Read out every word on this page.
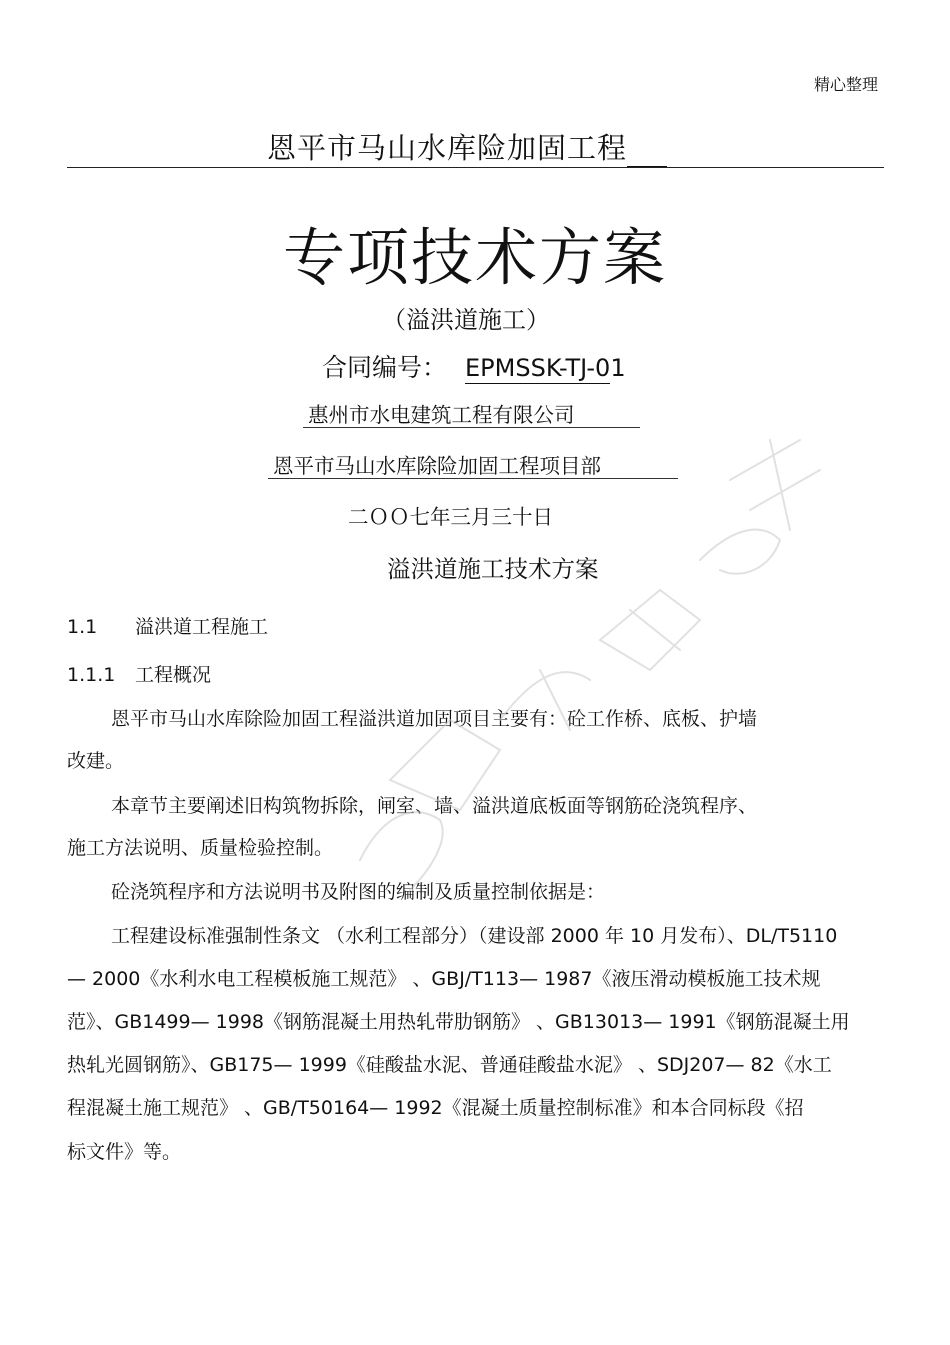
精心整理
恩平市马山水库险加固工程
专项技术方案
（溢洪道施工）
合同编号： EPMSSK-TJ-01
惠州市水电建筑工程有限公司
恩平市马山水库除险加固工程项目部
二ＯＯ七年三月三十日
溢洪道施工技术方案
1.1 溢洪道工程施工
1.1.1 工程概况
恩平市马山水库除险加固工程溢洪道加固项目主要有：砼工作桥、底板、护墙
改建。
本章节主要阐述旧构筑物拆除，闸室、墙、溢洪道底板面等钢筋砼浇筑程序、
施工方法说明、质量检验控制。
砼浇筑程序和方法说明书及附图的编制及质量控制依据是：
工程建设标准强制性条文 （水利工程部分）（建设部 2000 年 10 月发布）、DL/T5110
— 2000《水利水电工程模板施工规范》 、GBJ/T113— 1987《液压滑动模板施工技术规
范》、GB1499— 1998《钢筋混凝土用热轧带肋钢筋》 、GB13013— 1991《钢筋混凝土用
热轧光圆钢筋》、GB175— 1999《硅酸盐水泥、普通硅酸盐水泥》 、SDJ207— 82《水工
程混凝土施工规范》 、GB/T50164— 1992《混凝土质量控制标准》和本合同标段《招
标文件》等。
